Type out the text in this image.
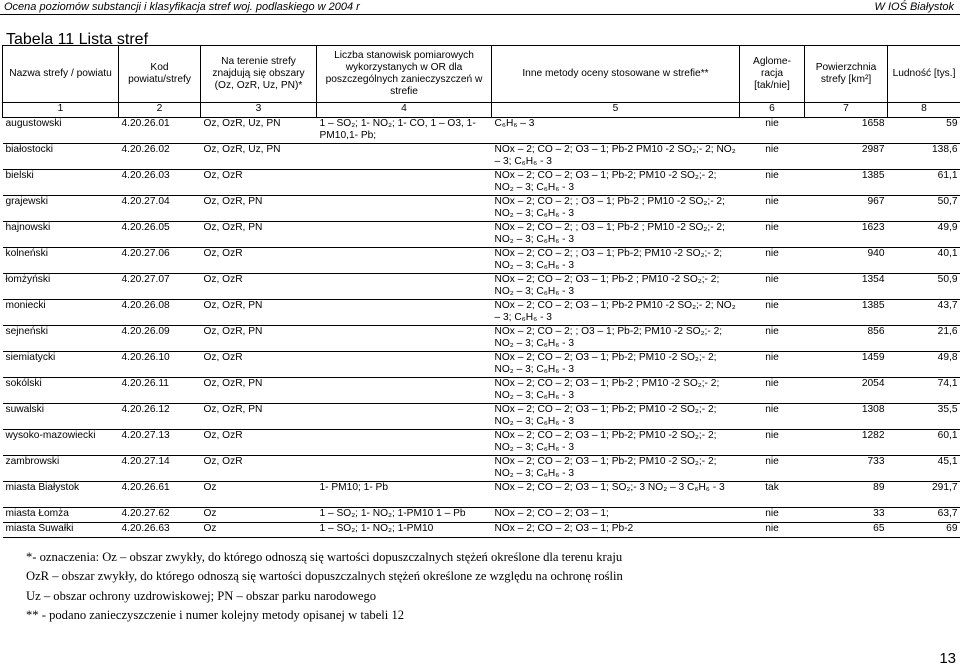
Ocena poziomów substancji i klasyfikacja stref woj. podlaskiego w 2004 r	W IOŚ Białystok
Tabela 11 Lista stref
Nazwa strefy / powiatu	Kod powiatu/strefy	Na terenie strefy znajdują się obszary (Oz, OzR, Uz, PN)*	Liczba stanowisk pomiarowych wykorzystanych w OR dla poszczególnych zanieczyszczeń w strefie	Inne metody oceny stosowane w strefie**	Aglome-racja [tak/nie]	Powierzchnia strefy [km²]	Ludność [tys.]
1	2	3	4	5	6	7	8
augustowski	4.20.26.01	Oz, OzR, Uz, PN	1 – SO₂; 1- NO₂; 1- CO, 1 – O3, 1- PM10,1- Pb;	C₆H₆ – 3	nie	1658	59
białostocki	4.20.26.02	Oz, OzR, Uz, PN		NOx – 2; CO – 2; O3 – 1; Pb-2 PM10 -2 SO₂;- 2; NO₂ – 3; C₆H₆ - 3	nie	2987	138,6
bielski	4.20.26.03	Oz, OzR		NOx – 2; CO – 2; O3 – 1; Pb-2; PM10 -2 SO₂;- 2; NO₂ – 3; C₆H₆ - 3	nie	1385	61,1
grajewski	4.20.27.04	Oz, OzR, PN		NOx – 2; CO – 2; ; O3 – 1; Pb-2 ; PM10 -2 SO₂;- 2; NO₂ – 3; C₆H₆ - 3	nie	967	50,7
hajnowski	4.20.26.05	Oz, OzR, PN		NOx – 2; CO – 2; ; O3 – 1; Pb-2 ; PM10 -2 SO₂;- 2; NO₂ – 3; C₆H₆ - 3	nie	1623	49,9
kolneński	4.20.27.06	Oz, OzR		NOx – 2; CO – 2; ; O3 – 1; Pb-2; PM10 -2 SO₂;- 2; NO₂ – 3; C₆H₆ - 3	nie	940	40,1
łomżyński	4.20.27.07	Oz, OzR		NOx – 2; CO – 2; O3 – 1; Pb-2 ; PM10 -2 SO₂;- 2; NO₂ – 3; C₆H₆ - 3	nie	1354	50,9
moniecki	4.20.26.08	Oz, OzR, PN		NOx – 2; CO – 2; O3 – 1; Pb-2 PM10 -2 SO₂;- 2; NO₂ – 3; C₆H₆ - 3	nie	1385	43,7
sejneński	4.20.26.09	Oz, OzR, PN		NOx – 2; CO – 2; ; O3 – 1; Pb-2; PM10 -2 SO₂;- 2; NO₂ – 3; C₆H₆ - 3	nie	856	21,6
siemiatycki	4.20.26.10	Oz, OzR		NOx – 2; CO – 2; O3 – 1; Pb-2; PM10 -2 SO₂;- 2; NO₂ – 3; C₆H₆ - 3	nie	1459	49,8
sokólski	4.20.26.11	Oz, OzR, PN		NOx – 2; CO – 2; O3 – 1; Pb-2 ; PM10 -2 SO₂;- 2; NO₂ – 3; C₆H₆ - 3	nie	2054	74,1
suwalski	4.20.26.12	Oz, OzR, PN		NOx – 2; CO – 2; O3 – 1; Pb-2; PM10 -2 SO₂;- 2; NO₂ – 3; C₆H₆ - 3	nie	1308	35,5
wysoko-mazowiecki	4.20.27.13	Oz, OzR		NOx – 2; CO – 2; O3 – 1; Pb-2; PM10 -2 SO₂;- 2; NO₂ – 3; C₆H₆ - 3	nie	1282	60,1
zambrowski	4.20.27.14	Oz, OzR		NOx – 2; CO – 2; O3 – 1; Pb-2; PM10 -2 SO₂;- 2; NO₂ – 3; C₆H₆ - 3	nie	733	45,1
miasta Białystok	4.20.26.61	Oz	1- PM10; 1- Pb	NOx – 2; CO – 2; O3 – 1; SO₂;- 3 NO₂ – 3 C₆H₆ - 3	tak	89	291,7
miasta Łomża	4.20.27.62	Oz	1 – SO₂; 1- NO₂; 1-PM10 1 – Pb	NOx – 2; CO – 2; O3 – 1;	nie	33	63,7
miasta Suwałki	4.20.26.63	Oz	1 – SO₂; 1- NO₂; 1-PM10	NOx – 2; CO – 2; O3 – 1; Pb-2	nie	65	69
*- oznaczenia: Oz – obszar zwykły, do którego odnoszą się wartości dopuszczalnych stężeń określone dla terenu kraju
OzR – obszar zwykły, do którego odnoszą się wartości dopuszczalnych stężeń określone ze względu na ochronę roślin
Uz – obszar ochrony uzdrowiskowej; PN – obszar parku narodowego
** - podano zanieczyszczenie i numer kolejny metody opisanej w tabeli 12
13
